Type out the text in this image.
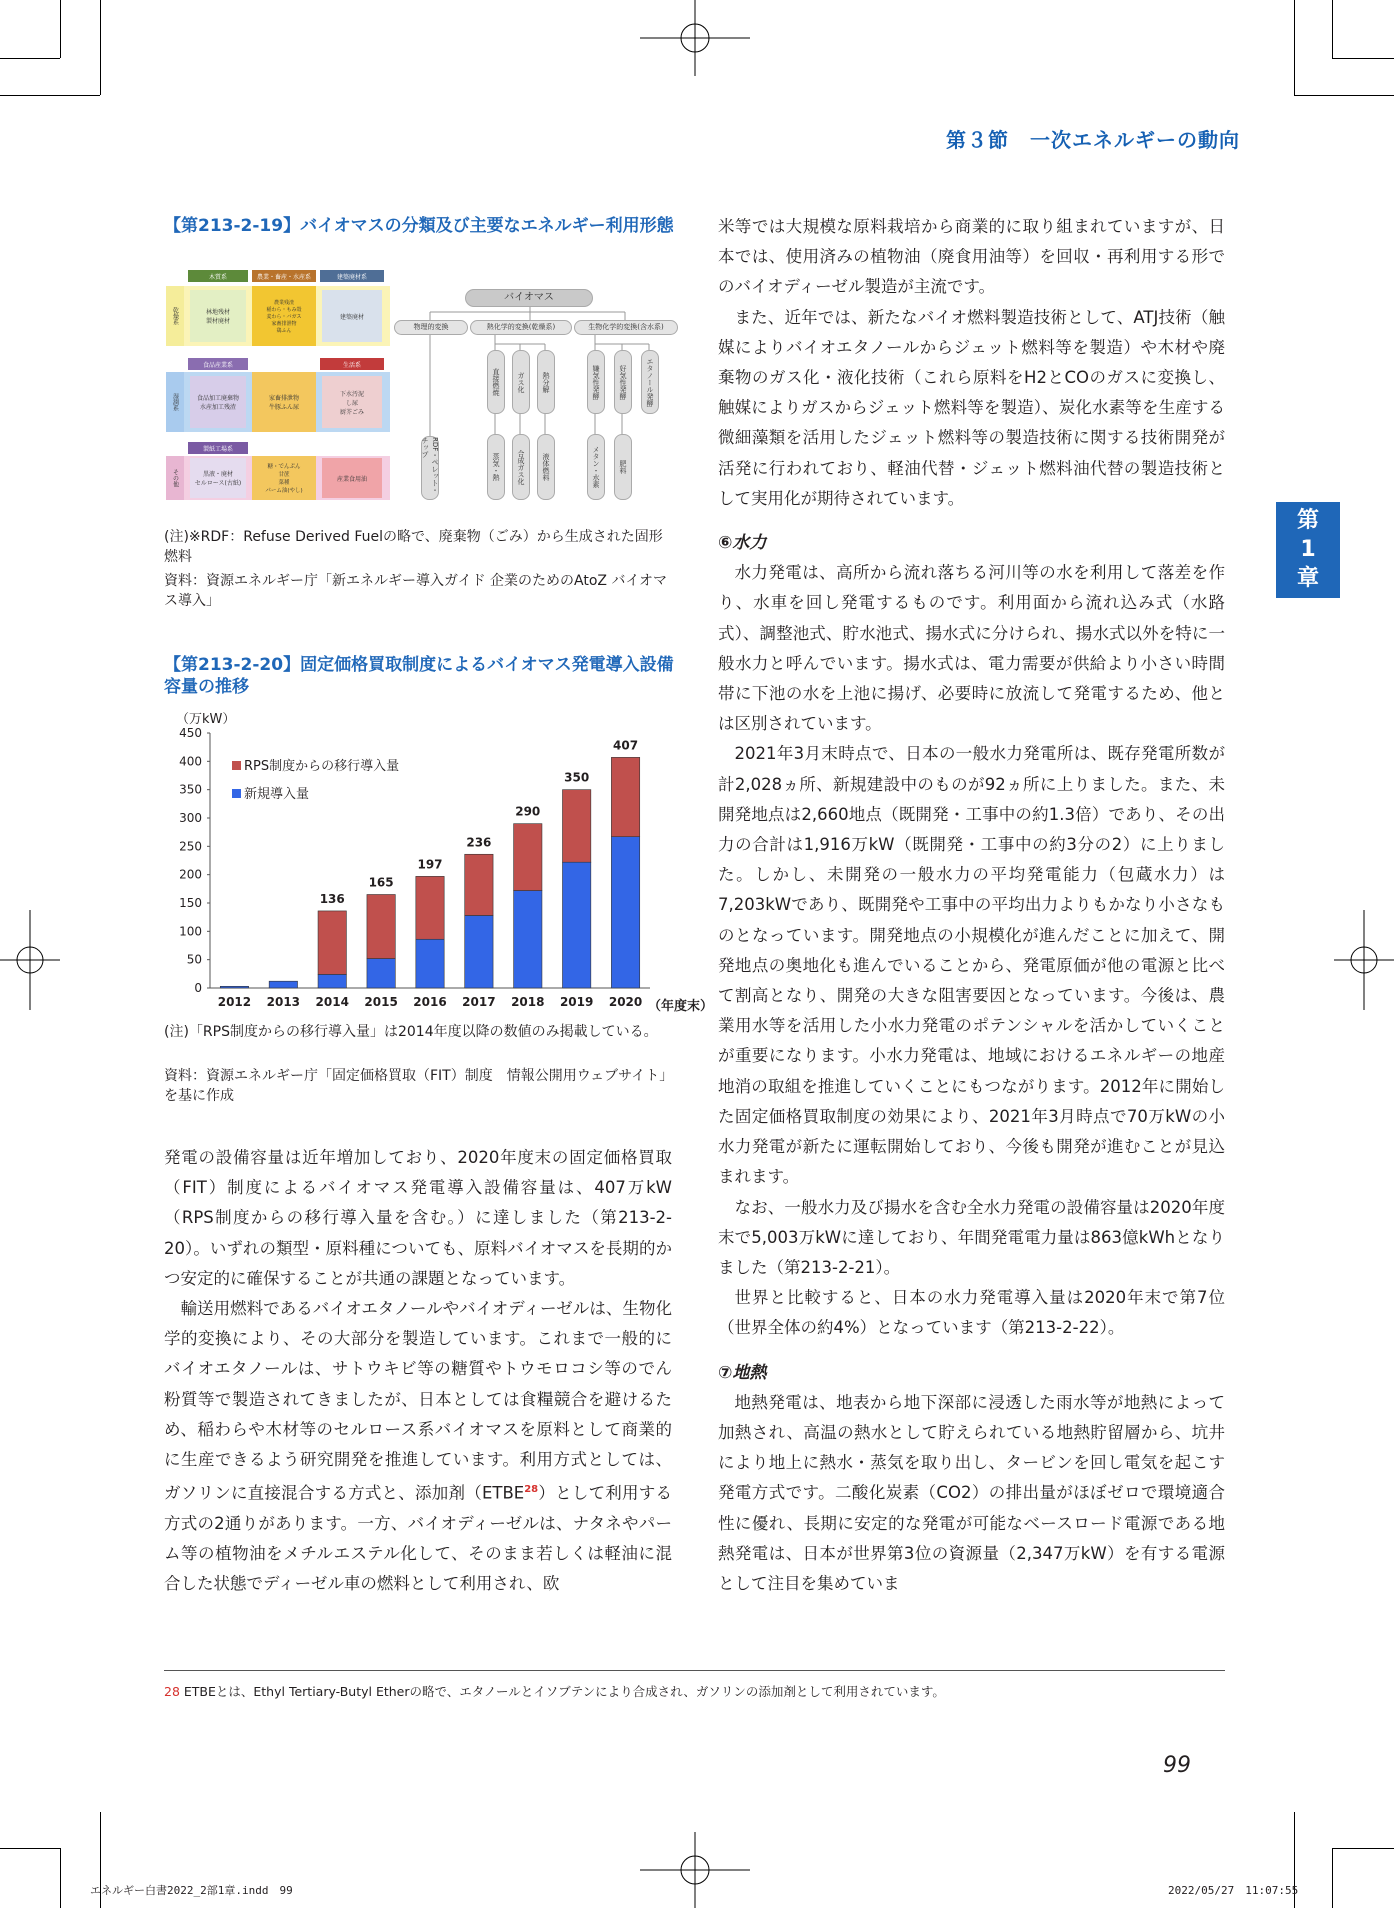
第３節　一次エネルギーの動向
第
1
章
【第213-2-19】バイオマスの分類及び主要なエネルギー利用形態
木質系	農業・畜産・水産系	建築廃材系
乾燥系	林地残材
製材廃材
農業残渣
稲わら・もみ殻
麦わら・バガス
家畜排泄物
鶏ふん
建築廃材
食品産業系	生活系
湿潤系	食品加工廃棄物
水産加工残渣
家畜排泄物
牛豚ふん尿
下水汚泥
し尿
厨芥ごみ
製紙工場系
その他	黒液・廃材
セルロース(古紙)
糖・でんぷん
甘蔗
菜種
パーム油(やし)
産業食用油
バイオマス
物理的変換	熱化学的変換(乾燥系)	生物化学的変換(含水系)
直接燃焼	ガス化	熱分解	嫌気性発酵	好気性発酵	エタノール発酵
RDF・ペレット・チップ
蒸気・熱	合成ガス化	液体燃料	メタン・水素	肥料
(注)※RDF：Refuse Derived Fuelの略で、廃棄物（ごみ）から生成された固形燃料
資料：資源エネルギー庁「新エネルギー導入ガイド 企業のためのAtoZ バイオマス導入」
【第213-2-20】固定価格買取制度によるバイオマス発電導入設備容量の推移
（万kW）
0
50
100
150
200
250
300
350
400
450
136
165
197
236
290
350
407
2012 2013 2014 2015 2016 2017 2018 2019 2020 （年度末）
RPS制度からの移行導入量
新規導入量
(注)「RPS制度からの移行導入量」は2014年度以降の数値のみ掲載している。
資料：資源エネルギー庁「固定価格買取（FIT）制度　情報公開用ウェブサイト」を基に作成

発電の設備容量は近年増加しており、2020年度末の固定価格買取（FIT）制度によるバイオマス発電導入設備容量は、407万kW（RPS制度からの移行導入量を含む。）に達しました（第213-2-20）。いずれの類型・原料種についても、原料バイオマスを長期的かつ安定的に確保することが共通の課題となっています。

輸送用燃料であるバイオエタノールやバイオディーゼルは、生物化学的変換により、その大部分を製造しています。これまで一般的にバイオエタノールは、サトウキビ等の糖質やトウモロコシ等のでん粉質等で製造されてきましたが、日本としては食糧競合を避けるため、稲わらや木材等のセルロース系バイオマスを原料として商業的に生産できるよう研究開発を推進しています。利用方式としては、ガソリンに直接混合する方式と、添加剤（ETBE$^{28}$）として利用する方式の2通りがあります。一方、バイオディーゼルは、ナタネやパーム等の植物油をメチルエステル化して、そのまま若しくは軽油に混合した状態でディーゼル車の燃料として利用され、欧

米等では大規模な原料栽培から商業的に取り組まれていますが、日本では、使用済みの植物油（廃食用油等）を回収・再利用する形でのバイオディーゼル製造が主流です。

また、近年では、新たなバイオ燃料製造技術として、ATJ技術（触媒によりバイオエタノールからジェット燃料等を製造）や木材や廃棄物のガス化・液化技術（これら原料をH2とCOのガスに変換し、触媒によりガスからジェット燃料等を製造）、炭化水素等を生産する微細藻類を活用したジェット燃料等の製造技術に関する技術開発が活発に行われており、軽油代替・ジェット燃料油代替の製造技術として実用化が期待されています。

⑥水力

水力発電は、高所から流れ落ちる河川等の水を利用して落差を作り、水車を回し発電するものです。利用面から流れ込み式（水路式）、調整池式、貯水池式、揚水式に分けられ、揚水式以外を特に一般水力と呼んでいます。揚水式は、電力需要が供給より小さい時間帯に下池の水を上池に揚げ、必要時に放流して発電するため、他とは区別されています。

2021年3月末時点で、日本の一般水力発電所は、既存発電所数が計2,028ヵ所、新規建設中のものが92ヵ所に上りました。また、未開発地点は2,660地点（既開発・工事中の約1.3倍）であり、その出力の合計は1,916万kW（既開発・工事中の約3分の2）に上りました。しかし、未開発の一般水力の平均発電能力（包蔵水力）は7,203kWであり、既開発や工事中の平均出力よりもかなり小さなものとなっています。開発地点の小規模化が進んだことに加えて、開発地点の奥地化も進んでいることから、発電原価が他の電源と比べて割高となり、開発の大きな阻害要因となっています。今後は、農業用水等を活用した小水力発電のポテンシャルを活かしていくことが重要になります。小水力発電は、地域におけるエネルギーの地産地消の取組を推進していくことにもつながります。2012年に開始した固定価格買取制度の効果により、2021年3月時点で70万kWの小水力発電が新たに運転開始しており、今後も開発が進むことが見込まれます。

なお、一般水力及び揚水を含む全水力発電の設備容量は2020年度末で5,003万kWに達しており、年間発電電力量は863億kWhとなりました（第213-2-21）。

世界と比較すると、日本の水力発電導入量は2020年末で第7位（世界全体の約4%）となっています（第213-2-22）。

⑦地熱

地熱発電は、地表から地下深部に浸透した雨水等が地熱によって加熱され、高温の熱水として貯えられている地熱貯留層から、坑井により地上に熱水・蒸気を取り出し、タービンを回し電気を起こす発電方式です。二酸化炭素（CO2）の排出量がほぼゼロで環境適合性に優れ、長期に安定的な発電が可能なベースロード電源である地熱発電は、日本が世界第3位の資源量（2,347万kW）を有する電源として注目を集めていま

28 ETBEとは、Ethyl Tertiary-Butyl Etherの略で、エタノールとイソブテンにより合成され、ガソリンの添加剤として利用されています。
99
エネルギー白書2022_2部1章.indd　99	2022/05/27　11:07:55
